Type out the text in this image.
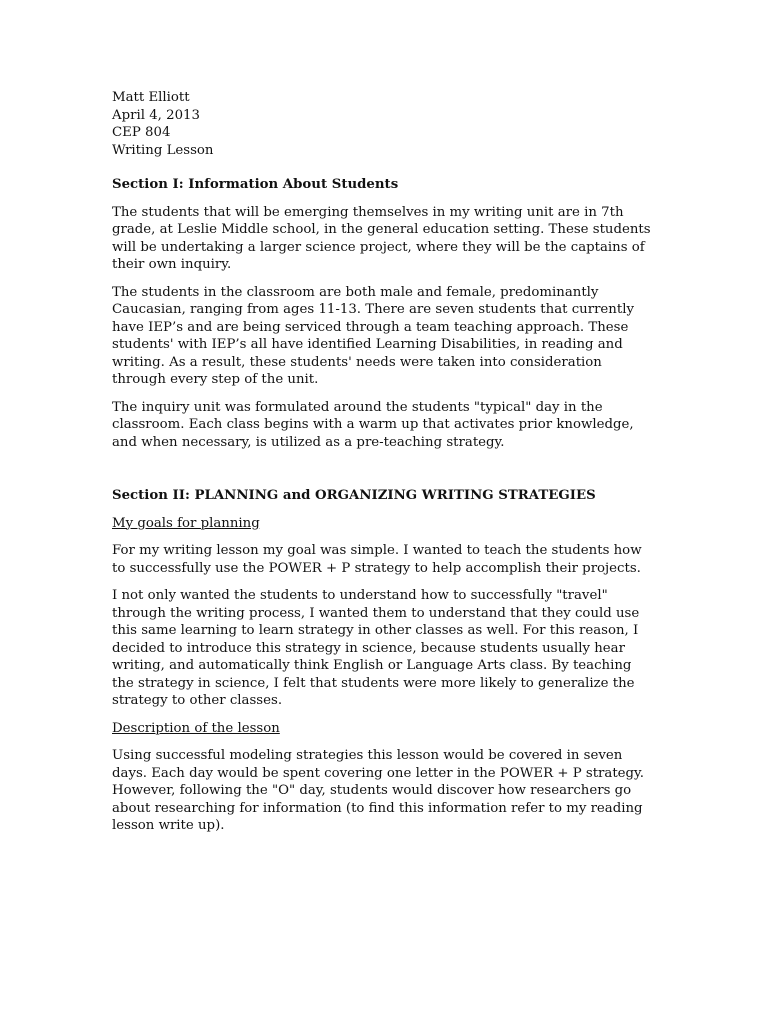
Matt Elliott
April 4, 2013
CEP 804
Writing Lesson

Section I: Information About Students

The students that will be emerging themselves in my writing unit are in 7th grade, at Leslie Middle school, in the general education setting. These students will be undertaking a larger science project, where they will be the captains of their own inquiry.

The students in the classroom are both male and female, predominantly Caucasian, ranging from ages 11-13. There are seven students that currently have IEP’s and are being serviced through a team teaching approach. These students' with IEP’s all have identified Learning Disabilities, in reading and writing. As a result, these students' needs were taken into consideration through every step of the unit.

The inquiry unit was formulated around the students "typical" day in the classroom. Each class begins with a warm up that activates prior knowledge, and when necessary, is utilized as a pre-teaching strategy.

Section II: PLANNING and ORGANIZING WRITING STRATEGIES

My goals for planning

For my writing lesson my goal was simple. I wanted to teach the students how to successfully use the POWER + P strategy to help accomplish their projects.

I not only wanted the students to understand how to successfully "travel" through the writing process, I wanted them to understand that they could use this same learning to learn strategy in other classes as well. For this reason, I decided to introduce this strategy in science, because students usually hear writing, and automatically think English or Language Arts class. By teaching the strategy in science, I felt that students were more likely to generalize the strategy to other classes.

Description of the lesson

Using successful modeling strategies this lesson would be covered in seven days. Each day would be spent covering one letter in the POWER + P strategy. However, following the "O" day, students would discover how researchers go about researching for information (to find this information refer to my reading lesson write up).
